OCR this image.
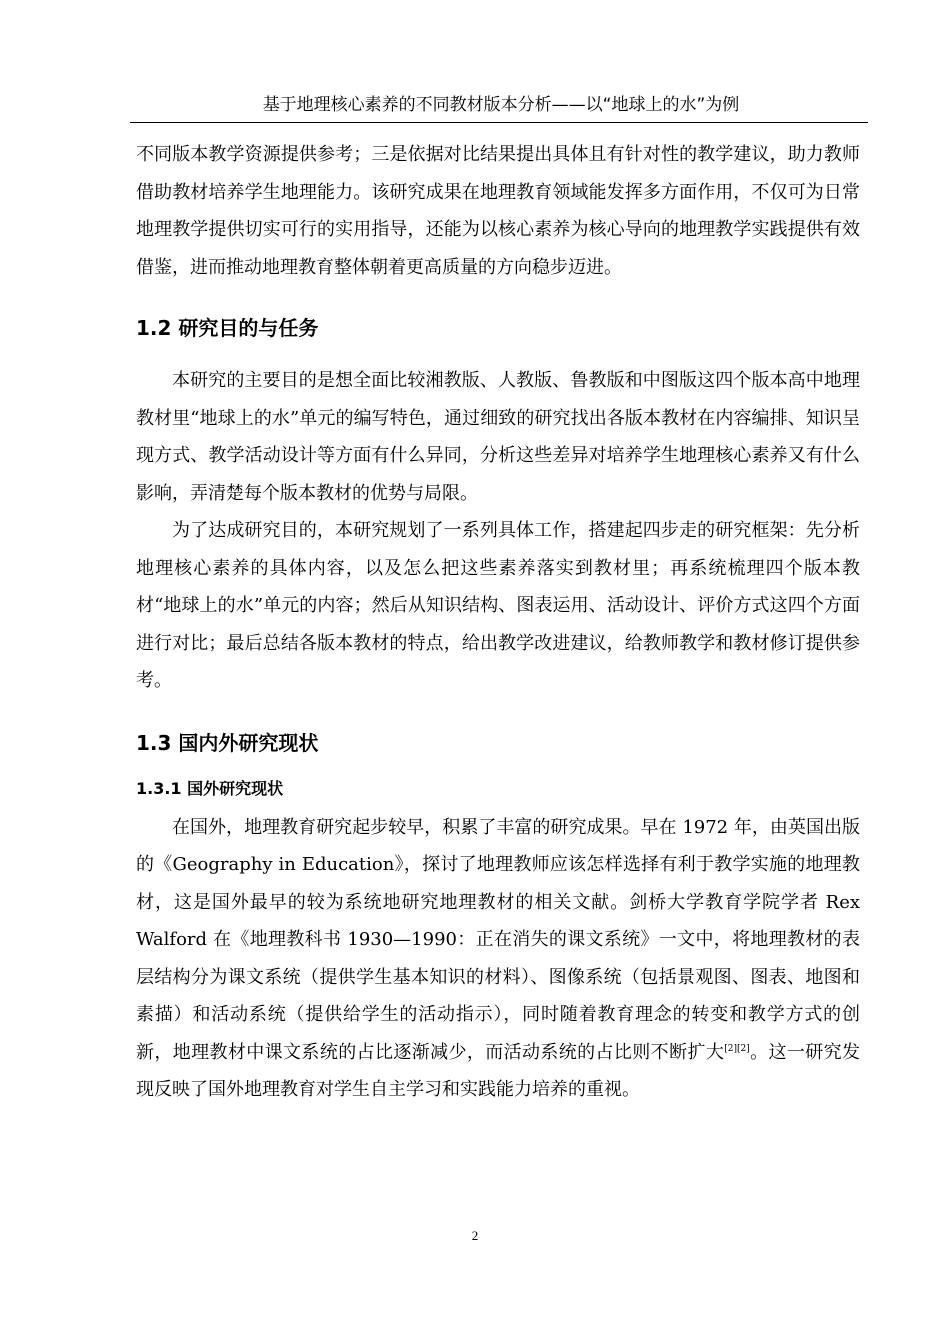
基于地理核心素养的不同教材版本分析——以“地球上的水”为例

不同版本教学资源提供参考；三是依据对比结果提出具体且有针对性的教学建议，助力教师借助教材培养学生地理能力。该研究成果在地理教育领域能发挥多方面作用，不仅可为日常地理教学提供切实可行的实用指导，还能为以核心素养为核心导向的地理教学实践提供有效借鉴，进而推动地理教育整体朝着更高质量的方向稳步迈进。

1.2 研究目的与任务

本研究的主要目的是想全面比较湘教版、人教版、鲁教版和中图版这四个版本高中地理教材里“地球上的水”单元的编写特色，通过细致的研究找出各版本教材在内容编排、知识呈现方式、教学活动设计等方面有什么异同，分析这些差异对培养学生地理核心素养又有什么影响，弄清楚每个版本教材的优势与局限。

为了达成研究目的，本研究规划了一系列具体工作，搭建起四步走的研究框架：先分析地理核心素养的具体内容，以及怎么把这些素养落实到教材里；再系统梳理四个版本教材“地球上的水”单元的内容；然后从知识结构、图表运用、活动设计、评价方式这四个方面进行对比；最后总结各版本教材的特点，给出教学改进建议，给教师教学和教材修订提供参考。

1.3 国内外研究现状
1.3.1 国外研究现状

在国外，地理教育研究起步较早，积累了丰富的研究成果。早在 1972 年，由英国出版的《Geography in Education》，探讨了地理教师应该怎样选择有利于教学实施的地理教材，这是国外最早的较为系统地研究地理教材的相关文献。剑桥大学教育学院学者 Rex Walford 在《地理教科书 1930—1990：正在消失的课文系统》一文中，将地理教材的表层结构分为课文系统（提供学生基本知识的材料）、图像系统（包括景观图、图表、地图和素描）和活动系统（提供给学生的活动指示），同时随着教育理念的转变和教学方式的创新，地理教材中课文系统的占比逐渐减少，而活动系统的占比则不断扩大[2][2]。这一研究发现反映了国外地理教育对学生自主学习和实践能力培养的重视。

2
